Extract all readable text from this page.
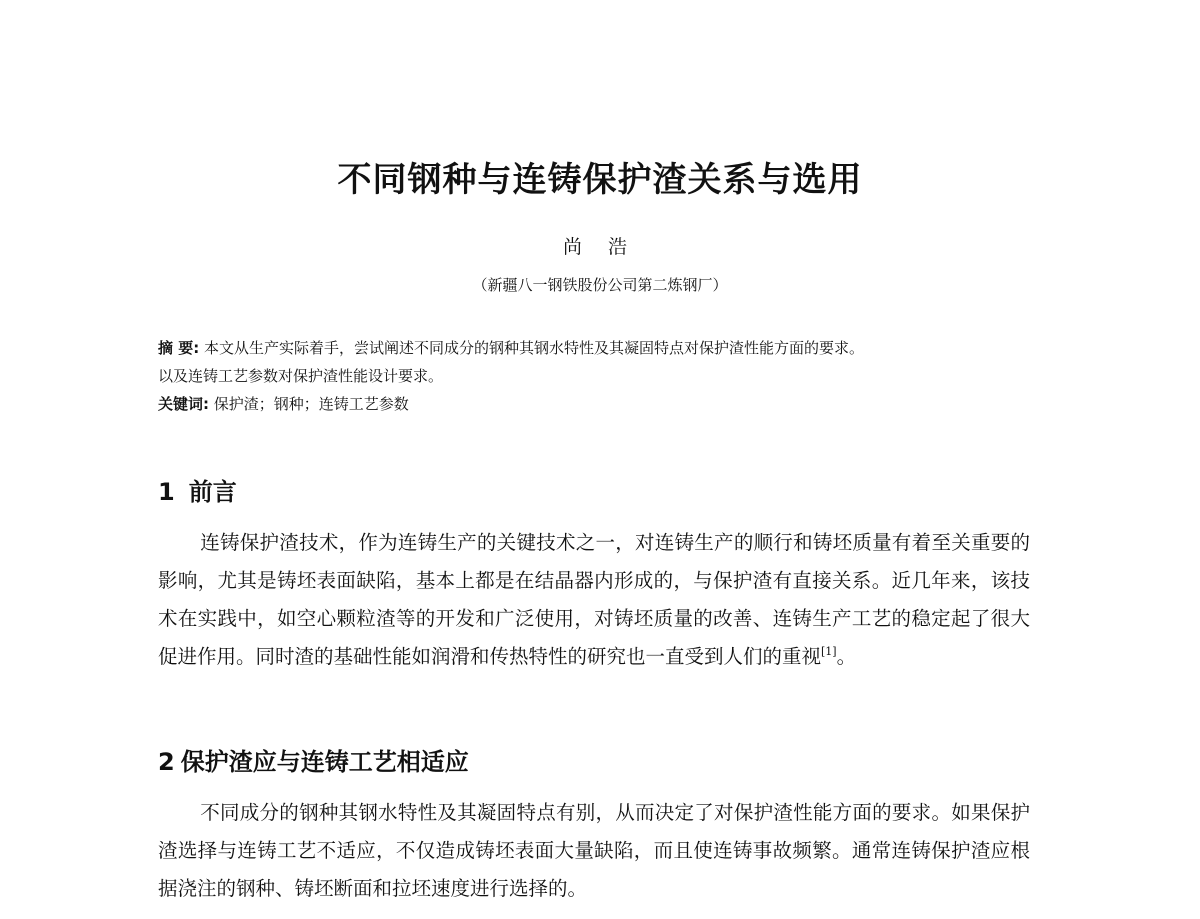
不同钢种与连铸保护渣关系与选用
尚 浩
（新疆八一钢铁股份公司第二炼钢厂）
摘 要: 本文从生产实际着手，尝试阐述不同成分的钢种其钢水特性及其凝固特点对保护渣性能方面的要求。
以及连铸工艺参数对保护渣性能设计要求。
关键词: 保护渣；钢种；连铸工艺参数
1 前言

连铸保护渣技术，作为连铸生产的关键技术之一，对连铸生产的顺行和铸坯质量有着至关重要的影响，尤其是铸坯表面缺陷，基本上都是在结晶器内形成的，与保护渣有直接关系。近几年来，该技术在实践中，如空心颗粒渣等的开发和广泛使用，对铸坯质量的改善、连铸生产工艺的稳定起了很大促进作用。同时渣的基础性能如润滑和传热特性的研究也一直受到人们的重视[1]。

2 保护渣应与连铸工艺相适应

不同成分的钢种其钢水特性及其凝固特点有别，从而决定了对保护渣性能方面的要求。如果保护渣选择与连铸工艺不适应，不仅造成铸坯表面大量缺陷，而且使连铸事故频繁。通常连铸保护渣应根据浇注的钢种、铸坯断面和拉坯速度进行选择的。
